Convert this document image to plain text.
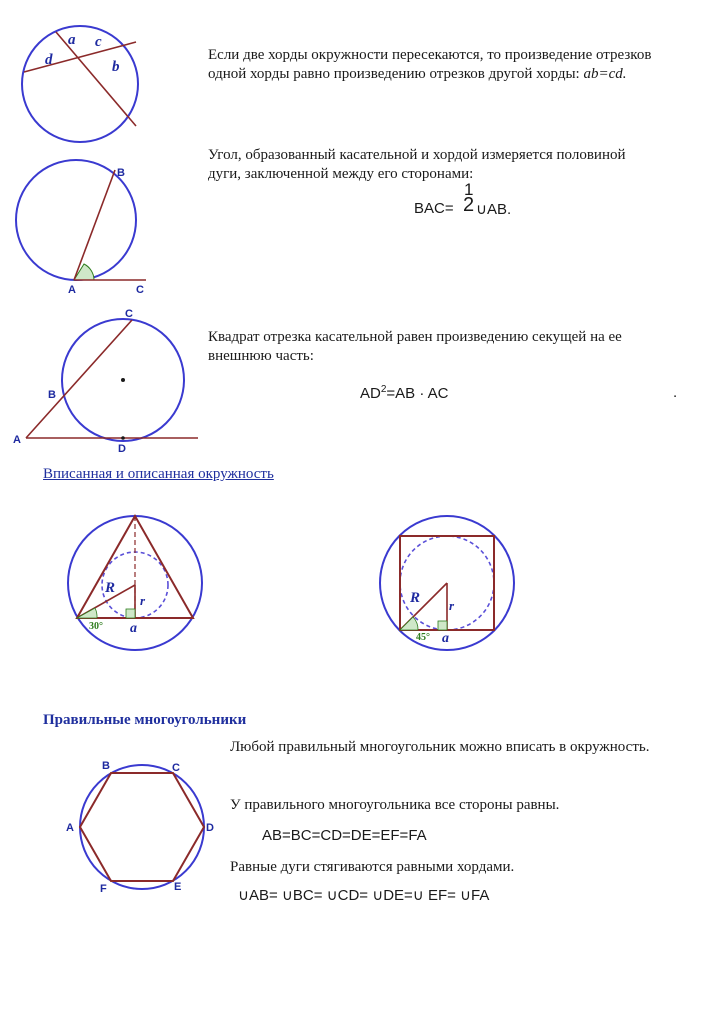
a c
d	b

Если две хорды окружности пересекаются, то произведение отрезков одной хорды равно произведению отрезков другой хорды: ab=cd.

B
A	C

Угол, образованный касательной и хордой измеряется половиной дуги, заключенной между его сторонами:

1
BAC= 2 ∪AB.
C
B
A
D

Квадрат отрезка касательной равен произведению секущей на ее внешнюю часть:

$AD^2=AB$ · AC	.
Вписанная и описанная окружность
R
r
a
30°
R r
a
45°
Правильные многоугольники
B	C
A	D
F	E

Любой правильный многоугольник можно вписать в окружность.

У правильного многоугольника все стороны равны.

AB=BC=CD=DE=EF=FA

Равные дуги стягиваются равными хордами.

∪AB= ∪BC= ∪CD= ∪DE=∪ EF= ∪FA
